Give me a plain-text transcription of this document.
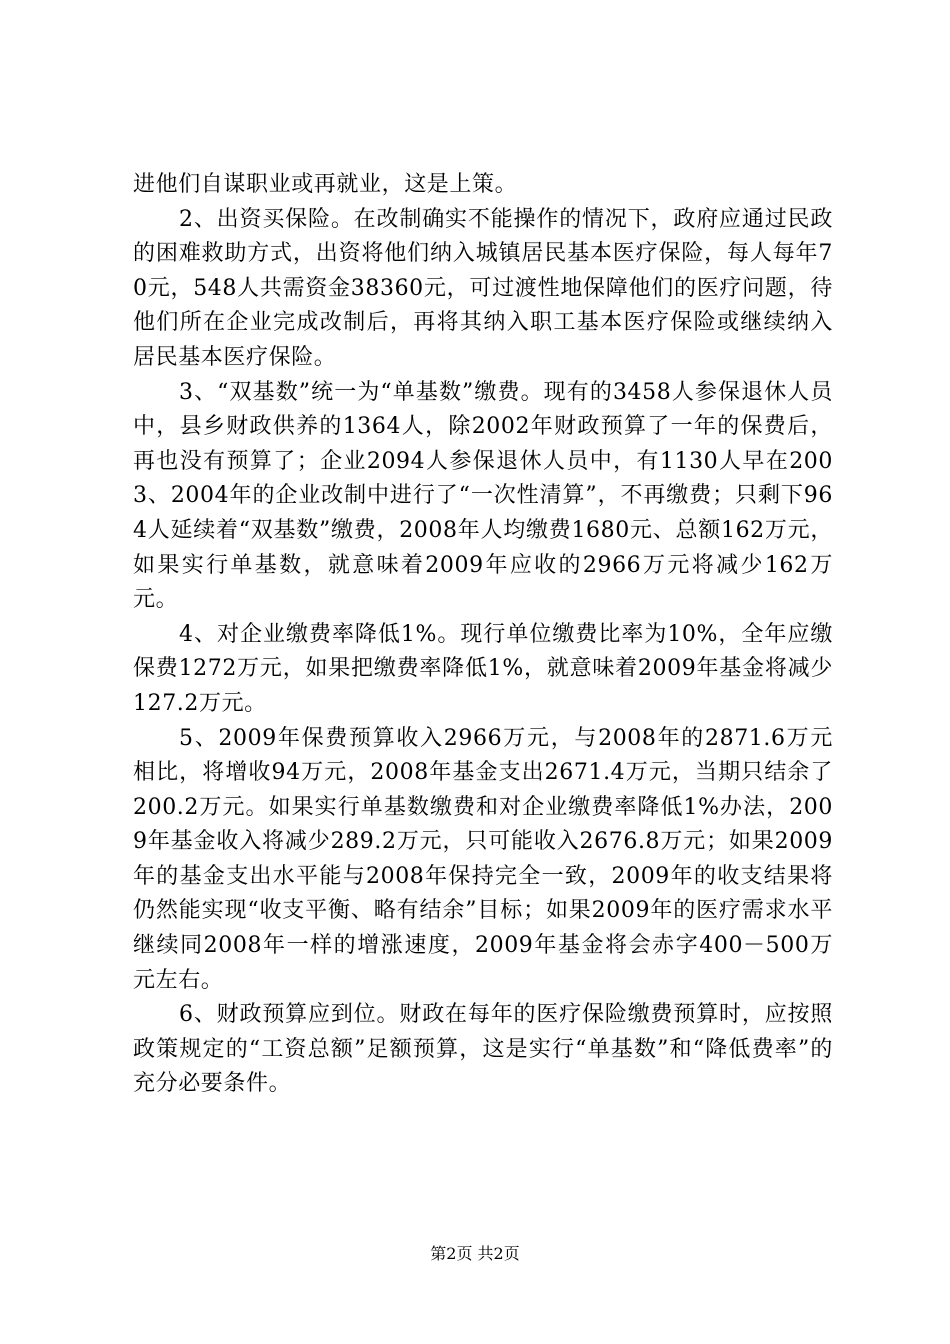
进他们自谋职业或再就业，这是上策。

2、出资买保险。在改制确实不能操作的情况下，政府应通过民政的困难救助方式，出资将他们纳入城镇居民基本医疗保险，每人每年70元，548人共需资金38360元，可过渡性地保障他们的医疗问题，待他们所在企业完成改制后，再将其纳入职工基本医疗保险或继续纳入居民基本医疗保险。

3、“双基数”统一为“单基数”缴费。现有的3458人参保退休人员中，县乡财政供养的1364人，除2002年财政预算了一年的保费后，再也没有预算了；企业2094人参保退休人员中，有1130人早在2003、2004年的企业改制中进行了“一次性清算”，不再缴费；只剩下964人延续着“双基数”缴费，2008年人均缴费1680元、总额162万元，如果实行单基数，就意味着2009年应收的2966万元将减少162万元。

4、对企业缴费率降低1%。现行单位缴费比率为10%，全年应缴保费1272万元，如果把缴费率降低1%，就意味着2009年基金将减少127.2万元。

5、2009年保费预算收入2966万元，与2008年的2871.6万元相比，将增收94万元，2008年基金支出2671.4万元，当期只结余了200.2万元。如果实行单基数缴费和对企业缴费率降低1%办法，2009年基金收入将减少289.2万元，只可能收入2676.8万元；如果2009年的基金支出水平能与2008年保持完全一致，2009年的收支结果将仍然能实现“收支平衡、略有结余”目标；如果2009年的医疗需求水平继续同2008年一样的增涨速度，2009年基金将会赤字400－500万元左右。

6、财政预算应到位。财政在每年的医疗保险缴费预算时，应按照政策规定的“工资总额”足额预算，这是实行“单基数”和“降低费率”的充分必要条件。

第2页 共2页
